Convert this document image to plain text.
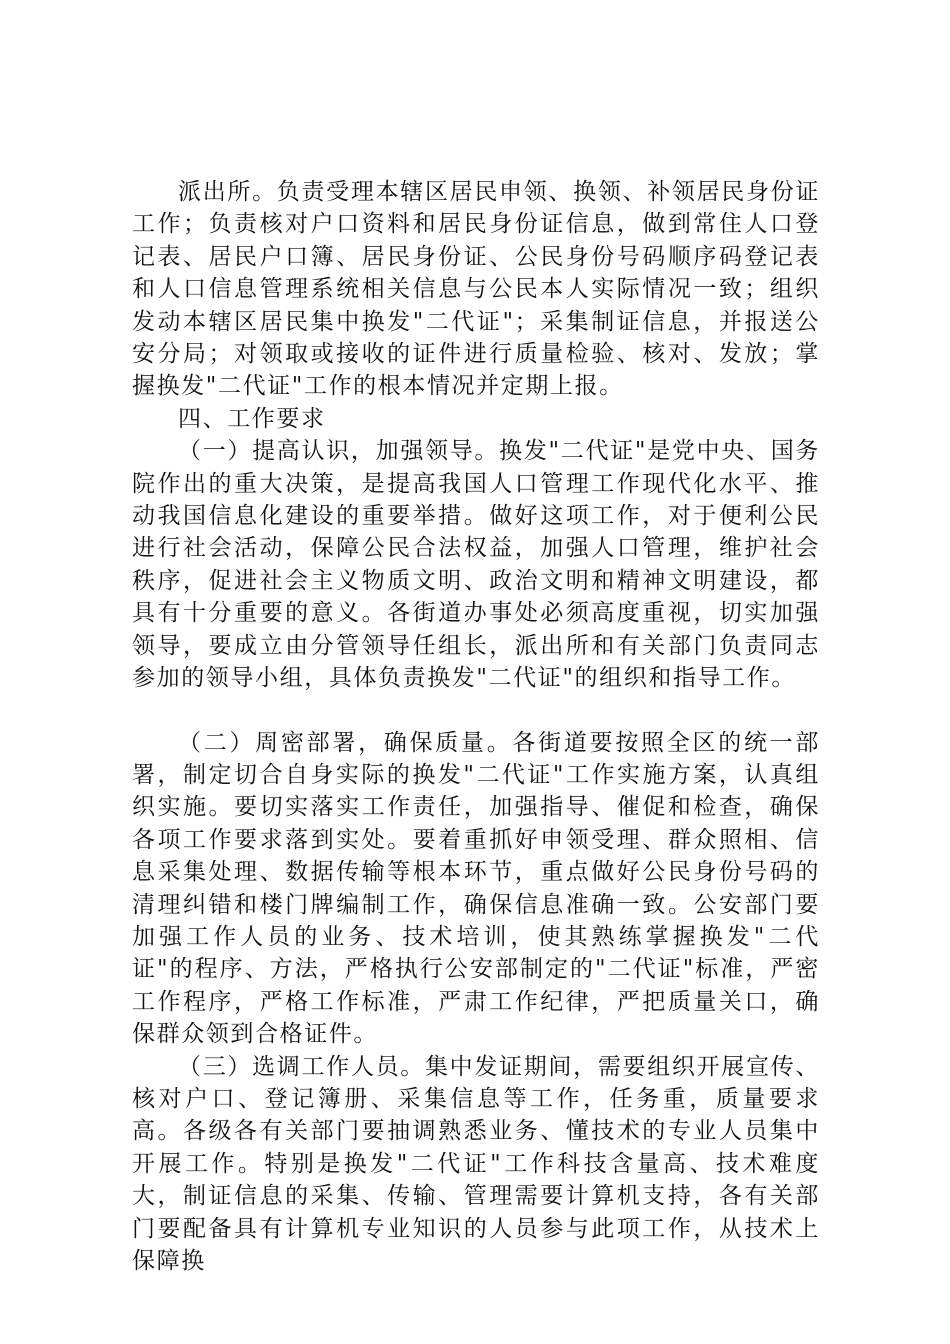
派出所。负责受理本辖区居民申领、换领、补领居民身份证工作；负责核对户口资料和居民身份证信息，做到常住人口登记表、居民户口簿、居民身份证、公民身份号码顺序码登记表和人口信息管理系统相关信息与公民本人实际情况一致；组织发动本辖区居民集中换发"二代证"；采集制证信息，并报送公安分局；对领取或接收的证件进行质量检验、核对、发放；掌握换发"二代证"工作的根本情况并定期上报。

四、工作要求

（一）提高认识，加强领导。换发"二代证"是党中央、国务院作出的重大决策，是提高我国人口管理工作现代化水平、推动我国信息化建设的重要举措。做好这项工作，对于便利公民进行社会活动，保障公民合法权益，加强人口管理，维护社会秩序，促进社会主义物质文明、政治文明和精神文明建设，都具有十分重要的意义。各街道办事处必须高度重视，切实加强领导，要成立由分管领导任组长，派出所和有关部门负责同志参加的领导小组，具体负责换发"二代证"的组织和指导工作。

（二）周密部署，确保质量。各街道要按照全区的统一部署，制定切合自身实际的换发"二代证"工作实施方案，认真组织实施。要切实落实工作责任，加强指导、催促和检查，确保各项工作要求落到实处。要着重抓好申领受理、群众照相、信息采集处理、数据传输等根本环节，重点做好公民身份号码的清理纠错和楼门牌编制工作，确保信息准确一致。公安部门要加强工作人员的业务、技术培训，使其熟练掌握换发"二代证"的程序、方法，严格执行公安部制定的"二代证"标准，严密工作程序，严格工作标准，严肃工作纪律，严把质量关口，确保群众领到合格证件。

（三）选调工作人员。集中发证期间，需要组织开展宣传、核对户口、登记簿册、采集信息等工作，任务重，质量要求高。各级各有关部门要抽调熟悉业务、懂技术的专业人员集中开展工作。特别是换发"二代证"工作科技含量高、技术难度大，制证信息的采集、传输、管理需要计算机支持，各有关部门要配备具有计算机专业知识的人员参与此项工作，从技术上保障换
